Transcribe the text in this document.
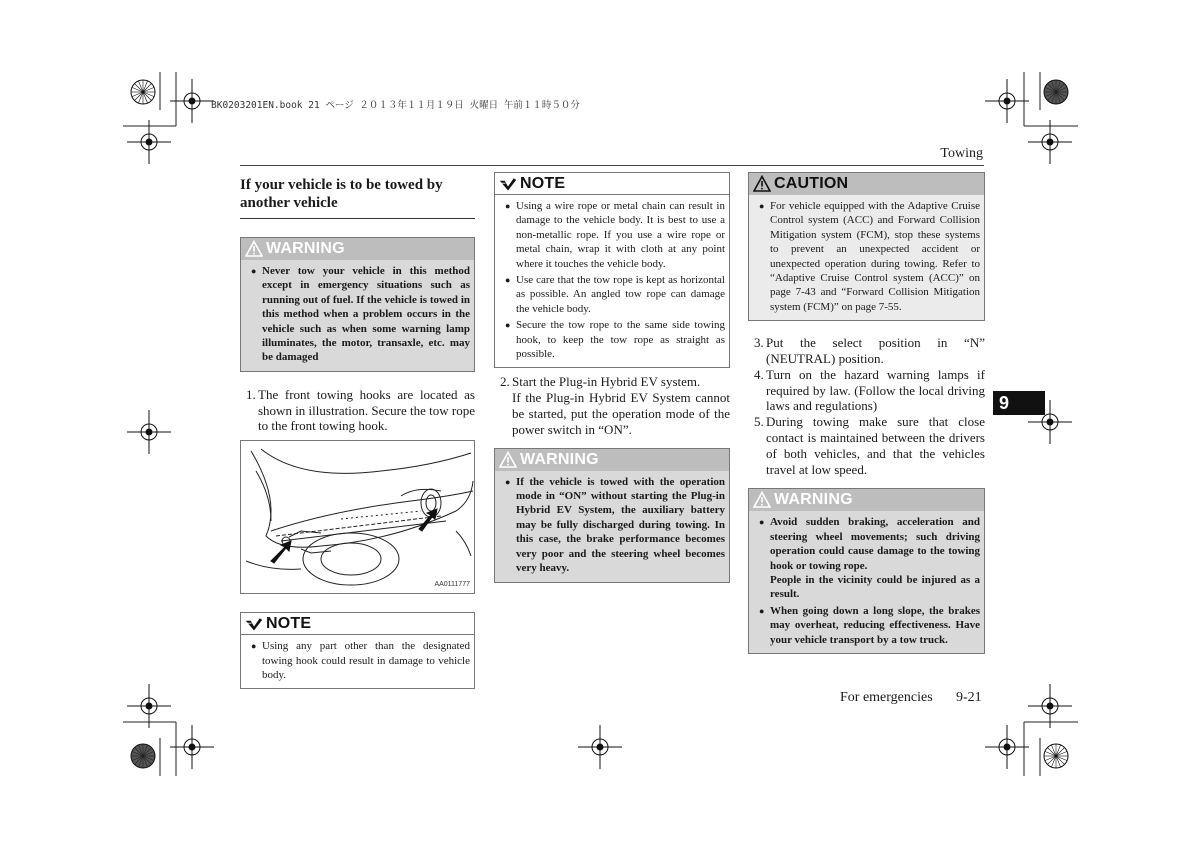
BK0203201EN.book 21 ページ ２０１３年１１月１９日 火曜日 午前１１時５０分
Towing
If your vehicle is to be towed by another vehicle
WARNING
● Never tow your vehicle in this method except in emergency situations such as running out of fuel. If the vehicle is towed in this method when a problem occurs in the vehicle such as when some warning lamp illuminates, the motor, transaxle, etc. may be damaged
1. The front towing hooks are located as shown in illustration. Secure the tow rope to the front towing hook.
AA0111777
NOTE
● Using any part other than the designated towing hook could result in damage to vehicle body.
NOTE
● Using a wire rope or metal chain can result in damage to the vehicle body. It is best to use a non-metallic rope. If you use a wire rope or metal chain, wrap it with cloth at any point where it touches the vehicle body.
● Use care that the tow rope is kept as horizontal as possible. An angled tow rope can damage the vehicle body.
● Secure the tow rope to the same side towing hook, to keep the tow rope as straight as possible.
2. Start the Plug-in Hybrid EV system.
If the Plug-in Hybrid EV System cannot be started, put the operation mode of the power switch in “ON”.
WARNING
● If the vehicle is towed with the operation mode in “ON” without starting the Plug-in Hybrid EV System, the auxiliary battery may be fully discharged during towing. In this case, the brake performance becomes very poor and the steering wheel becomes very heavy.
CAUTION
● For vehicle equipped with the Adaptive Cruise Control system (ACC) and Forward Collision Mitigation system (FCM), stop these systems to prevent an unexpected accident or unexpected operation during towing. Refer to “Adaptive Cruise Control system (ACC)” on page 7-43 and “Forward Collision Mitigation system (FCM)” on page 7-55.
3. Put the select position in “N” (NEUTRAL) position.
4. Turn on the hazard warning lamps if required by law. (Follow the local driving laws and regulations)
5. During towing make sure that close contact is maintained between the drivers of both vehicles, and that the vehicles travel at low speed.
WARNING
● Avoid sudden braking, acceleration and steering wheel movements; such driving operation could cause damage to the towing hook or towing rope.
People in the vicinity could be injured as a result.
● When going down a long slope, the brakes may overheat, reducing effectiveness. Have your vehicle transport by a tow truck.
9
For emergencies 9-21
